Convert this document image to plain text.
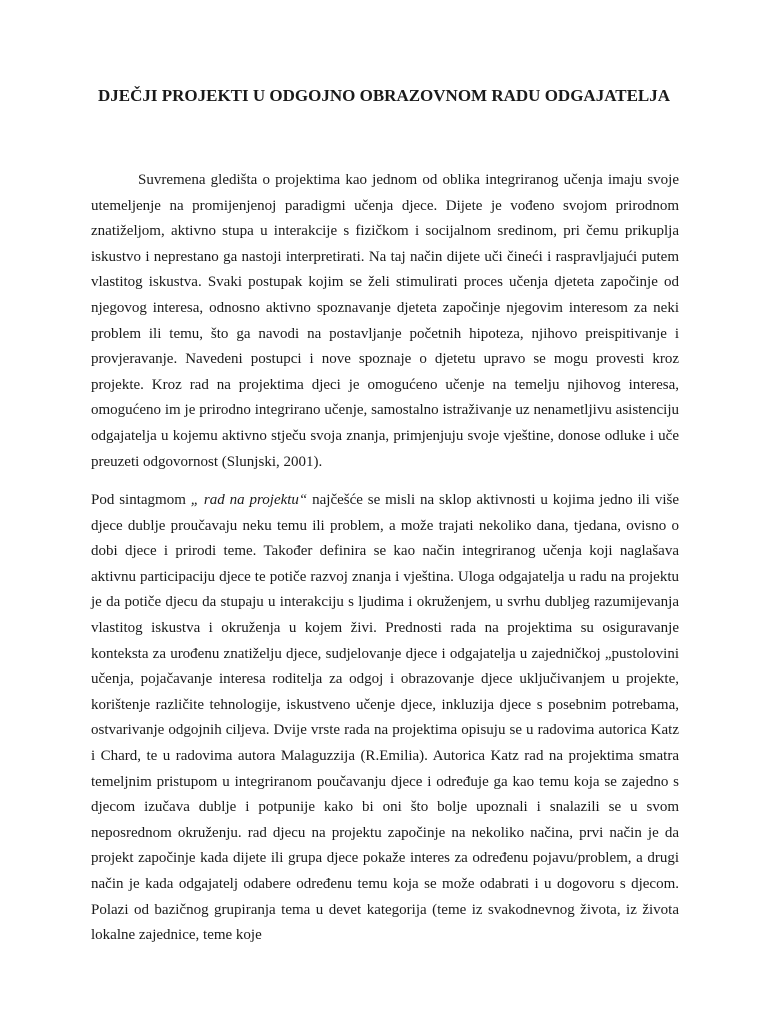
DJEČJI PROJEKTI U ODGOJNO OBRAZOVNOM RADU ODGAJATELJA

Suvremena gledišta o projektima kao jednom od oblika integriranog učenja imaju svoje utemeljenje na promijenjenoj paradigmi učenja djece. Dijete je vođeno svojom prirodnom znatiželjom, aktivno stupa u interakcije s fizičkom i socijalnom sredinom, pri čemu prikuplja iskustvo i neprestano ga nastoji interpretirati. Na taj način dijete uči čineći i raspravljajući putem vlastitog iskustva. Svaki postupak kojim se želi stimulirati proces učenja djeteta započinje od njegovog interesa, odnosno aktivno spoznavanje djeteta započinje njegovim interesom za neki problem ili temu, što ga navodi na postavljanje početnih hipoteza, njihovo preispitivanje i provjeravanje. Navedeni postupci i nove spoznaje o djetetu upravo se mogu provesti kroz projekte. Kroz rad na projektima djeci je omogućeno učenje na temelju njihovog interesa, omogućeno im je prirodno integrirano učenje, samostalno istraživanje uz nenametljivu asistenciju odgajatelja u kojemu aktivno stječu svoja znanja, primjenjuju svoje vještine, donose odluke i uče preuzeti odgovornost (Slunjski, 2001).

Pod sintagmom „ rad na projektu“ najčešće se misli na sklop aktivnosti u kojima jedno ili više djece dublje proučavaju neku temu ili problem, a može trajati nekoliko dana, tjedana, ovisno o dobi djece i prirodi teme. Također definira se kao način integriranog učenja koji naglašava aktivnu participaciju djece te potiče razvoj znanja i vještina. Uloga odgajatelja u radu na projektu je da potiče djecu da stupaju u interakciju s ljudima i okruženjem, u svrhu dubljeg razumijevanja vlastitog iskustva i okruženja u kojem živi. Prednosti rada na projektima su osiguravanje konteksta za urođenu znatiželju djece, sudjelovanje djece i odgajatelja u zajedničkoj „pustolovini učenja, pojačavanje interesa roditelja za odgoj i obrazovanje djece uključivanjem u projekte, korištenje različite tehnologije, iskustveno učenje djece, inkluzija djece s posebnim potrebama, ostvarivanje odgojnih ciljeva. Dvije vrste rada na projektima opisuju se u radovima autorica Katz i Chard, te u radovima autora Malaguzzija (R.Emilia). Autorica Katz rad na projektima smatra temeljnim pristupom u integriranom poučavanju djece i određuje ga kao temu koja se zajedno s djecom izučava dublje i potpunije kako bi oni što bolje upoznali i snalazili se u svom neposrednom okruženju. rad djecu na projektu započinje na nekoliko načina, prvi način je da projekt započinje kada dijete ili grupa djece pokaže interes za određenu pojavu/problem, a drugi način je kada odgajatelj odabere određenu temu koja se može odabrati i u dogovoru s djecom. Polazi od bazičnog grupiranja tema u devet kategorija (teme iz svakodnevnog života, iz života lokalne zajednice, teme koje
